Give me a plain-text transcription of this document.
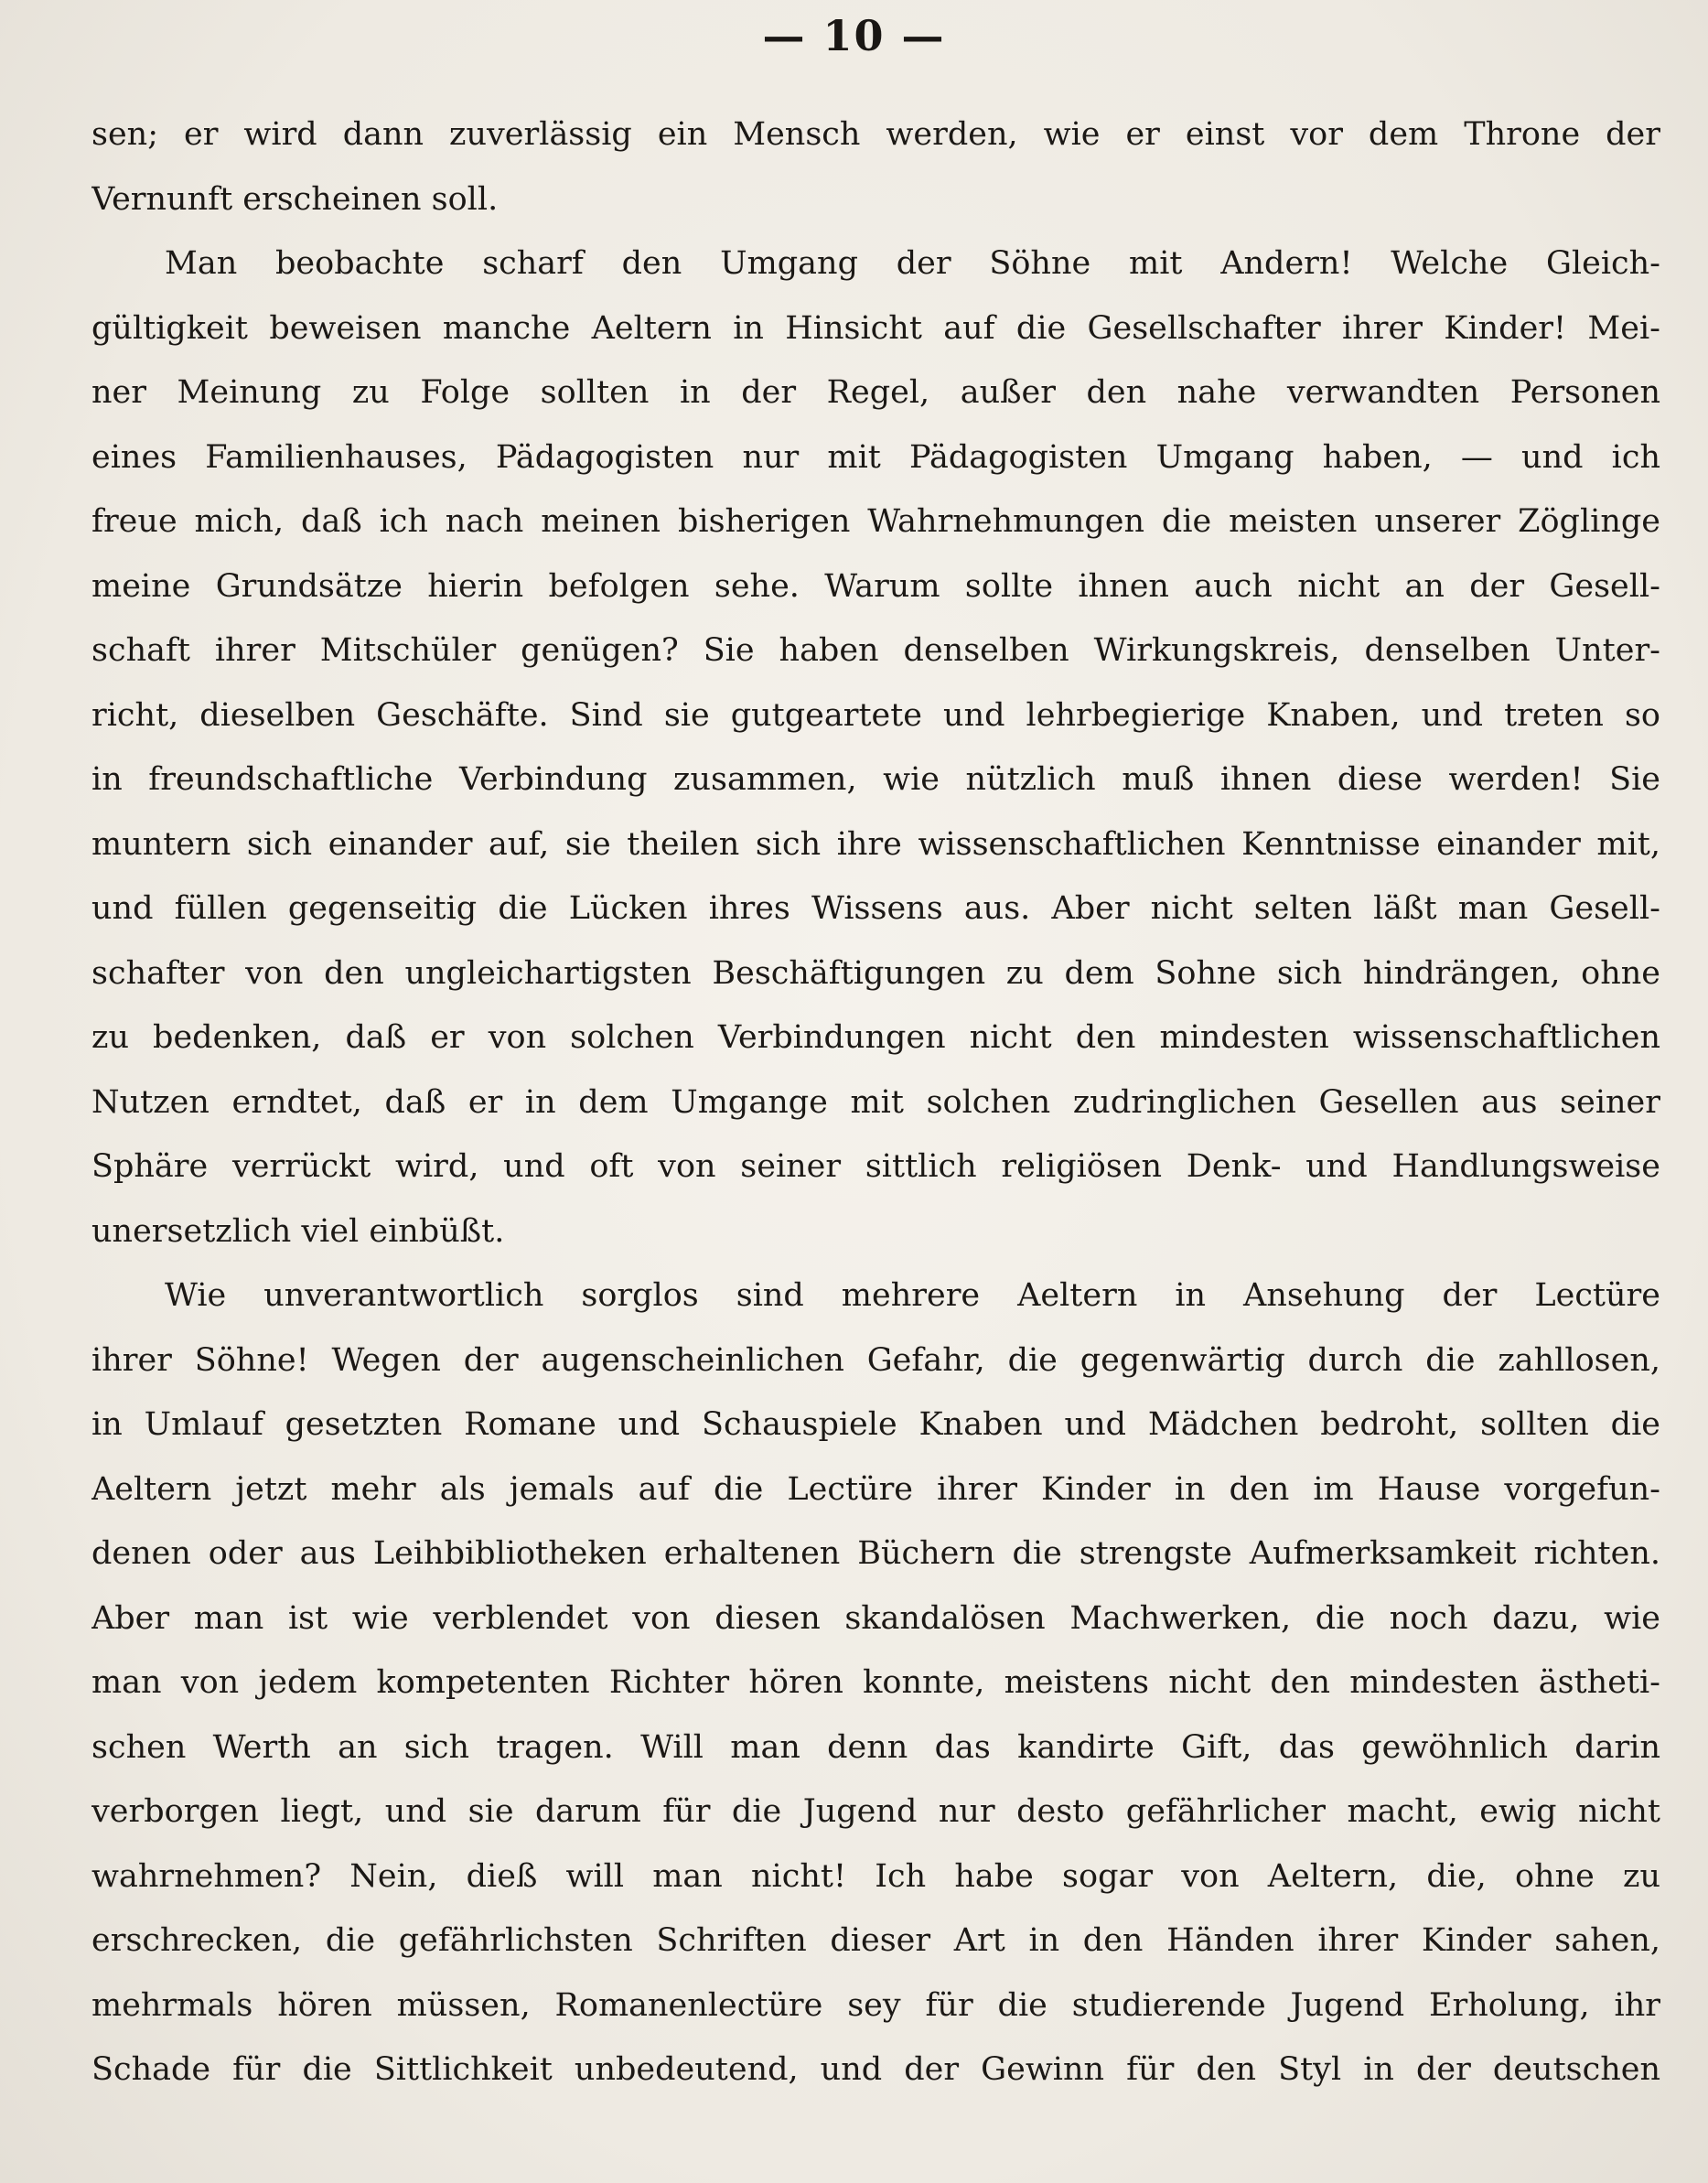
— 10 —
sen; er wird dann zuverlässig ein Mensch werden, wie er einst vor dem Throne der
Vernunft erscheinen soll.
Man beobachte scharf den Umgang der Söhne mit Andern! Welche Gleich-
gültigkeit beweisen manche Aeltern in Hinsicht auf die Gesellschafter ihrer Kinder! Mei-
ner Meinung zu Folge sollten in der Regel, außer den nahe verwandten Personen
eines Familienhauses, Pädagogisten nur mit Pädagogisten Umgang haben, — und ich
freue mich, daß ich nach meinen bisherigen Wahrnehmungen die meisten unserer Zöglinge
meine Grundsätze hierin befolgen sehe. Warum sollte ihnen auch nicht an der Gesell-
schaft ihrer Mitschüler genügen? Sie haben denselben Wirkungskreis, denselben Unter-
richt, dieselben Geschäfte. Sind sie gutgeartete und lehrbegierige Knaben, und treten so
in freundschaftliche Verbindung zusammen, wie nützlich muß ihnen diese werden! Sie
muntern sich einander auf, sie theilen sich ihre wissenschaftlichen Kenntnisse einander mit,
und füllen gegenseitig die Lücken ihres Wissens aus. Aber nicht selten läßt man Gesell-
schafter von den ungleichartigsten Beschäftigungen zu dem Sohne sich hindrängen, ohne
zu bedenken, daß er von solchen Verbindungen nicht den mindesten wissenschaftlichen
Nutzen erndtet, daß er in dem Umgange mit solchen zudringlichen Gesellen aus seiner
Sphäre verrückt wird, und oft von seiner sittlich religiösen Denk- und Handlungsweise
unersetzlich viel einbüßt.
Wie unverantwortlich sorglos sind mehrere Aeltern in Ansehung der Lectüre
ihrer Söhne! Wegen der augenscheinlichen Gefahr, die gegenwärtig durch die zahllosen,
in Umlauf gesetzten Romane und Schauspiele Knaben und Mädchen bedroht, sollten die
Aeltern jetzt mehr als jemals auf die Lectüre ihrer Kinder in den im Hause vorgefun-
denen oder aus Leihbibliotheken erhaltenen Büchern die strengste Aufmerksamkeit richten.
Aber man ist wie verblendet von diesen skandalösen Machwerken, die noch dazu, wie
man von jedem kompetenten Richter hören konnte, meistens nicht den mindesten ästheti-
schen Werth an sich tragen. Will man denn das kandirte Gift, das gewöhnlich darin
verborgen liegt, und sie darum für die Jugend nur desto gefährlicher macht, ewig nicht
wahrnehmen? Nein, dieß will man nicht! Ich habe sogar von Aeltern, die, ohne zu
erschrecken, die gefährlichsten Schriften dieser Art in den Händen ihrer Kinder sahen,
mehrmals hören müssen, Romanenlectüre sey für die studierende Jugend Erholung, ihr
Schade für die Sittlichkeit unbedeutend, und der Gewinn für den Styl in der deutschen
